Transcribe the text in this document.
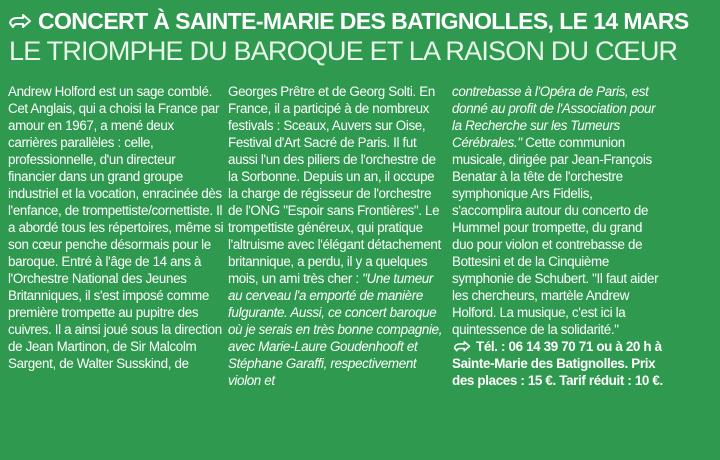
CONCERT À SAINTE-MARIE DES BATIGNOLLES, LE 14 MARS
LE TRIOMPHE DU BAROQUE ET LA RAISON DU CŒUR

Andrew Holford est un sage comblé. Cet Anglais, qui a choisi la France par amour en 1967, a mené deux carrières parallèles : celle, professionnelle, d'un directeur financier dans un grand groupe industriel et la vocation, enracinée dès l'enfance, de trompettiste/cornettiste. Il a abordé tous les répertoires, même si son cœur penche désormais pour le baroque. Entré à l'âge de 14 ans à l'Orchestre National des Jeunes Britanniques, il s'est imposé comme première trompette au pupitre des cuivres. Il a ainsi joué sous la direction de Jean Martinon, de Sir Malcolm Sargent, de Walter Susskind, de

Georges Prêtre et de Georg Solti. En France, il a participé à de nombreux festivals : Sceaux, Auvers sur Oise, Festival d'Art Sacré de Paris. Il fut aussi l'un des piliers de l'orchestre de la Sorbonne. Depuis un an, il occupe la charge de régisseur de l'orchestre de l'ONG "Espoir sans Frontières". Le trompettiste généreux, qui pratique l'altruisme avec l'élégant détachement britannique, a perdu, il y a quelques mois, un ami très cher : "Une tumeur au cerveau l'a emporté de manière fulgurante. Aussi, ce concert baroque où je serais en très bonne compagnie, avec Marie-Laure Goudenhooft et Stéphane Garaffi, respectivement violon et

contrebasse à l'Opéra de Paris, est donné au profit de l'Association pour la Recherche sur les Tumeurs Cérébrales." Cette communion musicale, dirigée par Jean-François Benatar à la tête de l'orchestre symphonique Ars Fidelis, s'accomplira autour du concerto de Hummel pour trompette, du grand duo pour violon et contrebasse de Bottesini et de la Cinquième symphonie de Schubert. "Il faut aider les chercheurs, martèle Andrew Holford. La musique, c'est ici la quintessence de la solidarité."

Tél. : 06 14 39 70 71 ou à 20 h à Sainte-Marie des Batignolles. Prix des places : 15 €. Tarif réduit : 10 €.
